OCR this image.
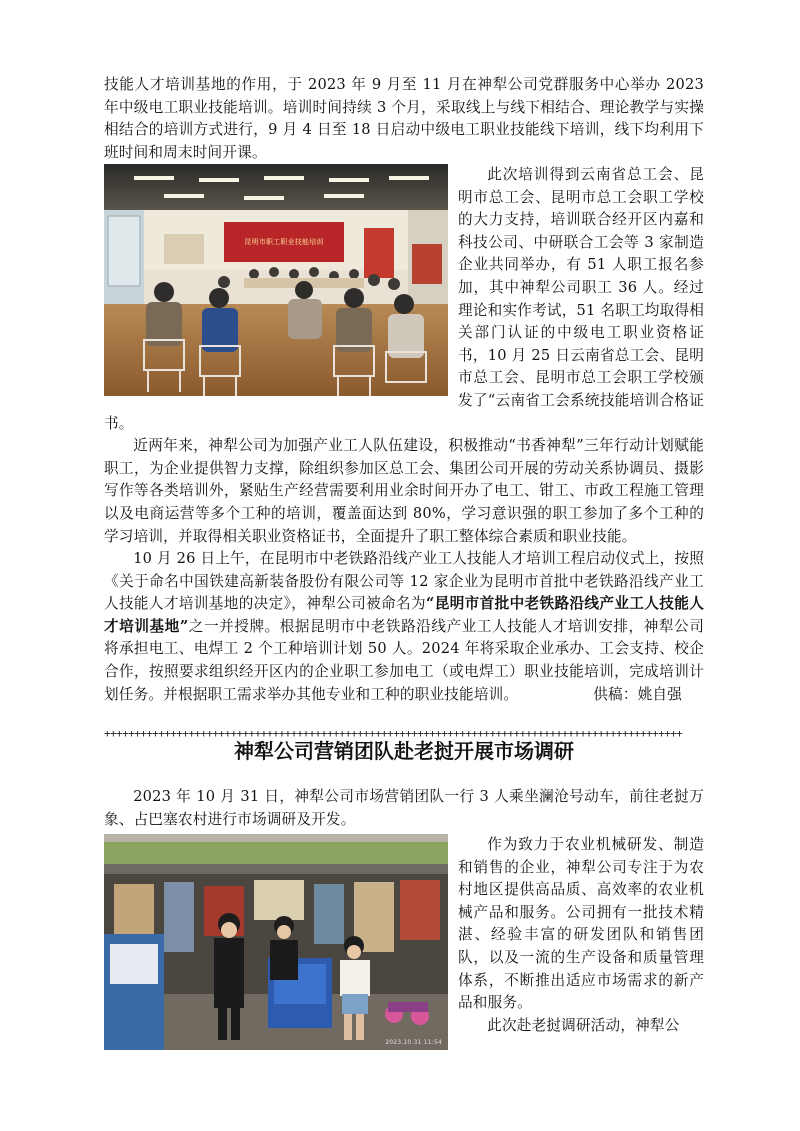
技能人才培训基地的作用，于 2023 年 9 月至 11 月在神犁公司党群服务中心举办 2023 年中级电工职业技能培训。培训时间持续 3 个月，采取线上与线下相结合、理论教学与实操相结合的培训方式进行，9 月 4 日至 18 日启动中级电工职业技能线下培训，线下均利用下班时间和周末时间开课。
昆明市职工职业技能培训
此次培训得到云南省总工会、昆明市总工会、昆明市总工会职工学校的大力支持，培训联合经开区内嘉和科技公司、中研联合工会等 3 家制造企业共同举办，有 51 人职工报名参加，其中神犁公司职工 36 人。经过理论和实作考试，51 名职工均取得相关部门认证的中级电工职业资格证书，10 月 25 日云南省总工会、昆明市总工会、昆明市总工会职工学校颁发了“云南省工会系统技能培训合格证书。
近两年来，神犁公司为加强产业工人队伍建设，积极推动“书香神犁”三年行动计划赋能职工，为企业提供智力支撑，除组织参加区总工会、集团公司开展的劳动关系协调员、摄影写作等各类培训外，紧贴生产经营需要利用业余时间开办了电工、钳工、市政工程施工管理以及电商运营等多个工种的培训，覆盖面达到 80%，学习意识强的职工参加了多个工种的学习培训，并取得相关职业资格证书，全面提升了职工整体综合素质和职业技能。
10 月 26 日上午，在昆明市中老铁路沿线产业工人技能人才培训工程启动仪式上，按照《关于命名中国铁建高新装备股份有限公司等 12 家企业为昆明市首批中老铁路沿线产业工人技能人才培训基地的决定》，神犁公司被命名为“昆明市首批中老铁路沿线产业工人技能人才培训基地”之一并授牌。根据昆明市中老铁路沿线产业工人技能人才培训安排，神犁公司将承担电工、电焊工 2 个工种培训计划 50 人。2024 年将采取企业承办、工会支持、校企合作，按照要求组织经开区内的企业职工参加电工（或电焊工）职业技能培训，完成培训计划任务。并根据职工需求举办其他专业和工种的职业技能培训。	供稿：姚自强
++++++++++++++++++++++++++++++++++++++++++++++++++++++++++++++++++++++++++++++++++++++++++++++++
神犁公司营销团队赴老挝开展市场调研
2023 年 10 月 31 日，神犁公司市场营销团队一行 3 人乘坐澜沧号动车，前往老挝万象、占巴塞农村进行市场调研及开发。
2023.10.31 11:54
作为致力于农业机械研发、制造和销售的企业，神犁公司专注于为农村地区提供高品质、高效率的农业机械产品和服务。公司拥有一批技术精湛、经验丰富的研发团队和销售团队，以及一流的生产设备和质量管理体系，不断推出适应市场需求的新产品和服务。
此次赴老挝调研活动，神犁公
